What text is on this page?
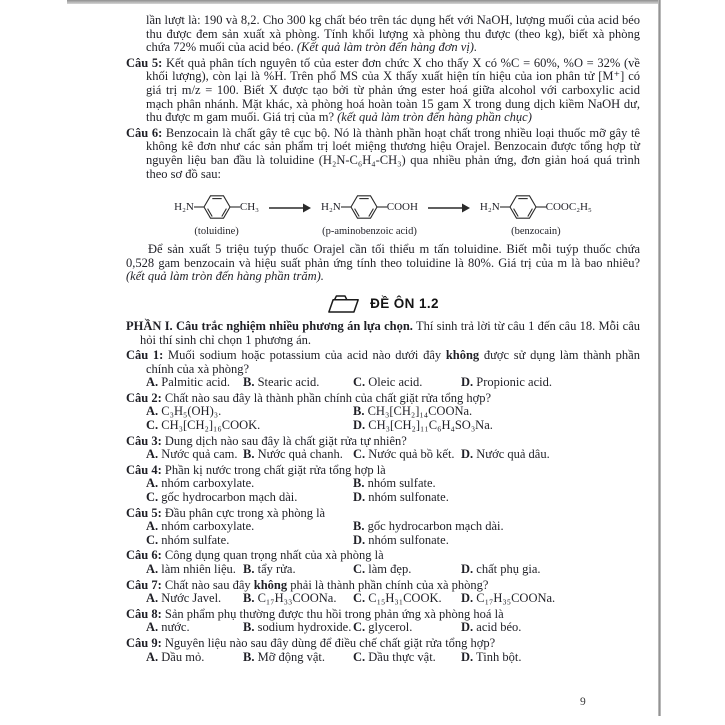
lần lượt là: 190 và 8,2. Cho 300 kg chất béo trên tác dụng hết với NaOH, lượng muối của acid béo thu được đem sản xuất xà phòng. Tính khối lượng xà phòng thu được (theo kg), biết xà phòng chứa 72% muối của acid béo. (Kết quả làm tròn đến hàng đơn vị).
Câu 5: Kết quả phân tích nguyên tố của ester đơn chức X cho thấy X có %C = 60%, %O = 32% (về khối lượng), còn lại là %H. Trên phổ MS của X thấy xuất hiện tín hiệu của ion phân tử [M⁺] có giá trị m/z = 100. Biết X được tạo bởi từ phản ứng ester hoá giữa alcohol với carboxylic acid mạch phân nhánh. Mặt khác, xà phòng hoá hoàn toàn 15 gam X trong dung dịch kiềm NaOH dư, thu được m gam muối. Giá trị của m? (kết quả làm tròn đến hàng phần chục)
Câu 6: Benzocain là chất gây tê cục bộ. Nó là thành phần hoạt chất trong nhiều loại thuốc mỡ gây tê không kê đơn như các sản phẩm trị loét miệng thương hiệu Orajel. Benzocain được tổng hợp từ nguyên liệu ban đầu là toluidine (H₂N-C₆H₄-CH₃) qua nhiều phản ứng, đơn giản hoá quá trình theo sơ đồ sau:
H₂N	CH₃
(toluidine)
→ H₂N	COOH
(p-aminobenzoic acid)
→ H₂N	COOC₂H₅
(benzocain)
Để sản xuất 5 triệu tuýp thuốc Orajel cần tối thiểu m tấn toluidine. Biết mỗi tuýp thuốc chứa 0,528 gam benzocain và hiệu suất phản ứng tính theo toluidine là 80%. Giá trị của m là bao nhiêu? (kết quả làm tròn đến hàng phần trăm).
ĐỀ ÔN 1.2
PHẦN I. Câu trắc nghiệm nhiều phương án lựa chọn. Thí sinh trả lời từ câu 1 đến câu 18. Mỗi câu hỏi thí sinh chỉ chọn 1 phương án.
Câu 1: Muối sodium hoặc potassium của acid nào dưới đây không được sử dụng làm thành phần chính của xà phòng?
A. Palmitic acid.	B. Stearic acid.	C. Oleic acid.	D. Propionic acid.
Câu 2: Chất nào sau đây là thành phần chính của chất giặt rửa tổng hợp?
A. C₃H₅(OH)₃.	B. CH₃[CH₂]₁₄COONa.
C. CH₃[CH₂]₁₆COOK.	D. CH₃[CH₂]₁₁C₆H₄SO₃Na.
Câu 3: Dung dịch nào sau đây là chất giặt rửa tự nhiên?
A. Nước quả cam. B. Nước quả chanh. C. Nước quả bồ kết. D. Nước quả dâu.
Câu 4: Phần kị nước trong chất giặt rửa tổng hợp là
A. nhóm carboxylate.	B. nhóm sulfate.
C. gốc hydrocarbon mạch dài.	D. nhóm sulfonate.
Câu 5: Đầu phân cực trong xà phòng là
A. nhóm carboxylate.	B. gốc hydrocarbon mạch dài.
C. nhóm sulfate.	D. nhóm sulfonate.
Câu 6: Công dụng quan trọng nhất của xà phòng là
A. làm nhiên liệu. B. tẩy rửa.	C. làm đẹp.	D. chất phụ gia.
Câu 7: Chất nào sau đây không phải là thành phần chính của xà phòng?
A. Nước Javel.	B. C₁₇H₃₃COONa.	C. C₁₅H₃₁COOK.	D. C₁₇H₃₅COONa.
Câu 8: Sản phẩm phụ thường được thu hồi trong phản ứng xà phòng hoá là
A. nước.	B. sodium hydroxide. C. glycerol.	D. acid béo.
Câu 9: Nguyên liệu nào sau đây dùng để điều chế chất giặt rửa tổng hợp?
A. Dầu mỏ.	B. Mỡ động vật.	C. Dầu thực vật.	D. Tinh bột.
9
